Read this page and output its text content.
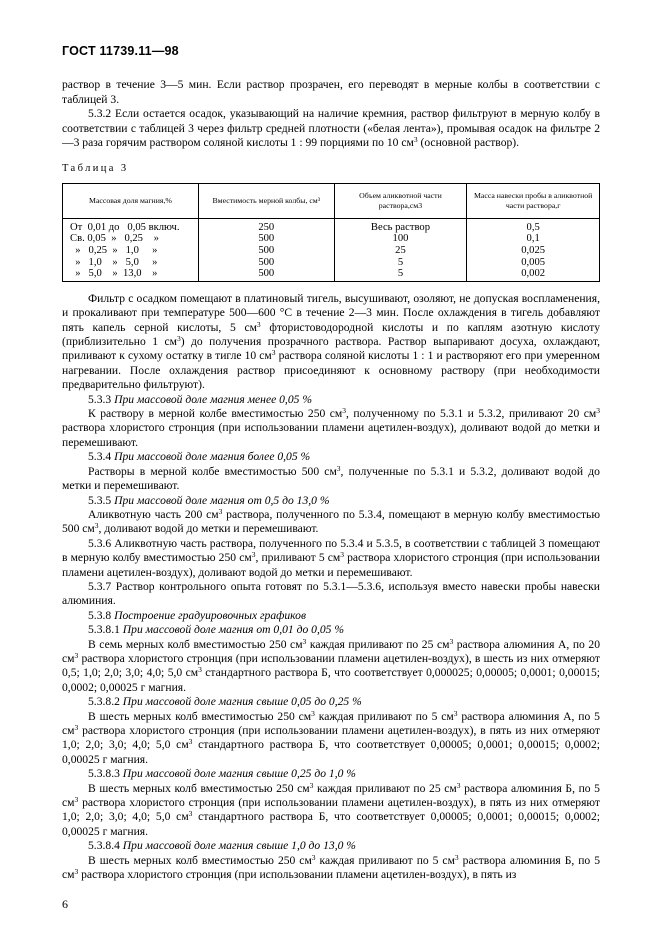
ГОСТ 11739.11—98

раствор в течение 3—5 мин. Если раствор прозрачен, его переводят в мерные колбы в соответствии с таблицей 3.

5.3.2 Если остается осадок, указывающий на наличие кремния, раствор фильтруют в мерную колбу в соответствии с таблицей 3 через фильтр средней плотности («белая лента»), промывая осадок на фильтре 2—3 раза горячим раствором соляной кислоты 1 : 99 порциями по 10 $см^3$ (основной раствор).

Таблица 3
Массовая доля магния,%	Вместимость мерной колбы, см³	Объем аликвотной части раствора,см3	Масса навески пробы в аликвотной части раствора,г
От  0,01 до   0,05 включ.	250	Весь раствор	0,5
Св. 0,05  »   0,25    »	500	100	0,1
»   0,25  »   1,0     »	500	25	0,025
»   1,0    »   5,0     »	500	5	0,005
»   5,0    »  13,0    »	500	5	0,002

Фильтр с осадком помещают в платиновый тигель, высушивают, озоляют, не допуская воспламенения, и прокаливают при температуре 500—600 °С в течение 2—3 мин. После охлаждения в тигель добавляют пять капель серной кислоты, 5 $см^3$ фтористоводородной кислоты и по каплям азотную кислоту (приблизительно 1 $см^3$) до получения прозрачного раствора. Раствор выпаривают досуха, охлаждают, приливают к сухому остатку в тигле 10 $см^3$ раствора соляной кислоты 1 : 1 и растворяют его при умеренном нагревании. После охлаждения раствор присоединяют к основному раствору (при необходимости предварительно фильтруют).

5.3.3 При массовой доле магния менее 0,05 %

К раствору в мерной колбе вместимостью 250 $см^3$, полученному по 5.3.1 и 5.3.2, приливают 20 $см^3$ раствора хлористого стронция (при использовании пламени ацетилен-воздух), доливают водой до метки и перемешивают.

5.3.4 При массовой доле магния более 0,05 %

Растворы в мерной колбе вместимостью 500 $см^3$, полученные по 5.3.1 и 5.3.2, доливают водой до метки и перемешивают.

5.3.5 При массовой доле магния от 0,5 до 13,0 %

Аликвотную часть 200 $см^3$ раствора, полученного по 5.3.4, помещают в мерную колбу вместимостью 500 $см^3$, доливают водой до метки и перемешивают.

5.3.6 Аликвотную часть раствора, полученного по 5.3.4 и 5.3.5, в соответствии с таблицей 3 помещают в мерную колбу вместимостью 250 $см^3$, приливают 5 $см^3$ раствора хлористого стронция (при использовании пламени ацетилен-воздух), доливают водой до метки и перемешивают.

5.3.7 Раствор контрольного опыта готовят по 5.3.1—5.3.6, используя вместо навески пробы навески алюминия.

5.3.8 Построение градуировочных графиков

5.3.8.1 При массовой доле магния от 0,01 до 0,05 %

В семь мерных колб вместимостью 250 $см^3$ каждая приливают по 25 $см^3$ раствора алюминия А, по 20 $см^3$ раствора хлористого стронция (при использовании пламени ацетилен-воздух), в шесть из них отмеряют 0,5; 1,0; 2,0; 3,0; 4,0; 5,0 $см^3$ стандартного раствора Б, что соответствует 0,000025; 0,00005; 0,0001; 0,00015; 0,0002; 0,00025 г магния.

5.3.8.2 При массовой доле магния свыше 0,05 до 0,25 %

В шесть мерных колб вместимостью 250 $см^3$ каждая приливают по 5 $см^3$ раствора алюминия А, по 5 $см^3$ раствора хлористого стронция (при использовании пламени ацетилен-воздух), в пять из них отмеряют 1,0; 2,0; 3,0; 4,0; 5,0 $см^3$ стандартного раствора Б, что соответствует 0,00005; 0,0001; 0,00015; 0,0002; 0,00025 г магния.

5.3.8.3 При массовой доле магния свыше 0,25 до 1,0 %

В шесть мерных колб вместимостью 250 $см^3$ каждая приливают по 25 $см^3$ раствора алюминия Б, по 5 $см^3$ раствора хлористого стронция (при использовании пламени ацетилен-воздух), в пять из них отмеряют 1,0; 2,0; 3,0; 4,0; 5,0 $см^3$ стандартного раствора Б, что соответствует 0,00005; 0,0001; 0,00015; 0,0002; 0,00025 г магния.

5.3.8.4 При массовой доле магния свыше 1,0 до 13,0 %

В шесть мерных колб вместимостью 250 $см^3$ каждая приливают по 5 $см^3$ раствора алюминия Б, по 5 $см^3$ раствора хлористого стронция (при использовании пламени ацетилен-воздух), в пять из

6
